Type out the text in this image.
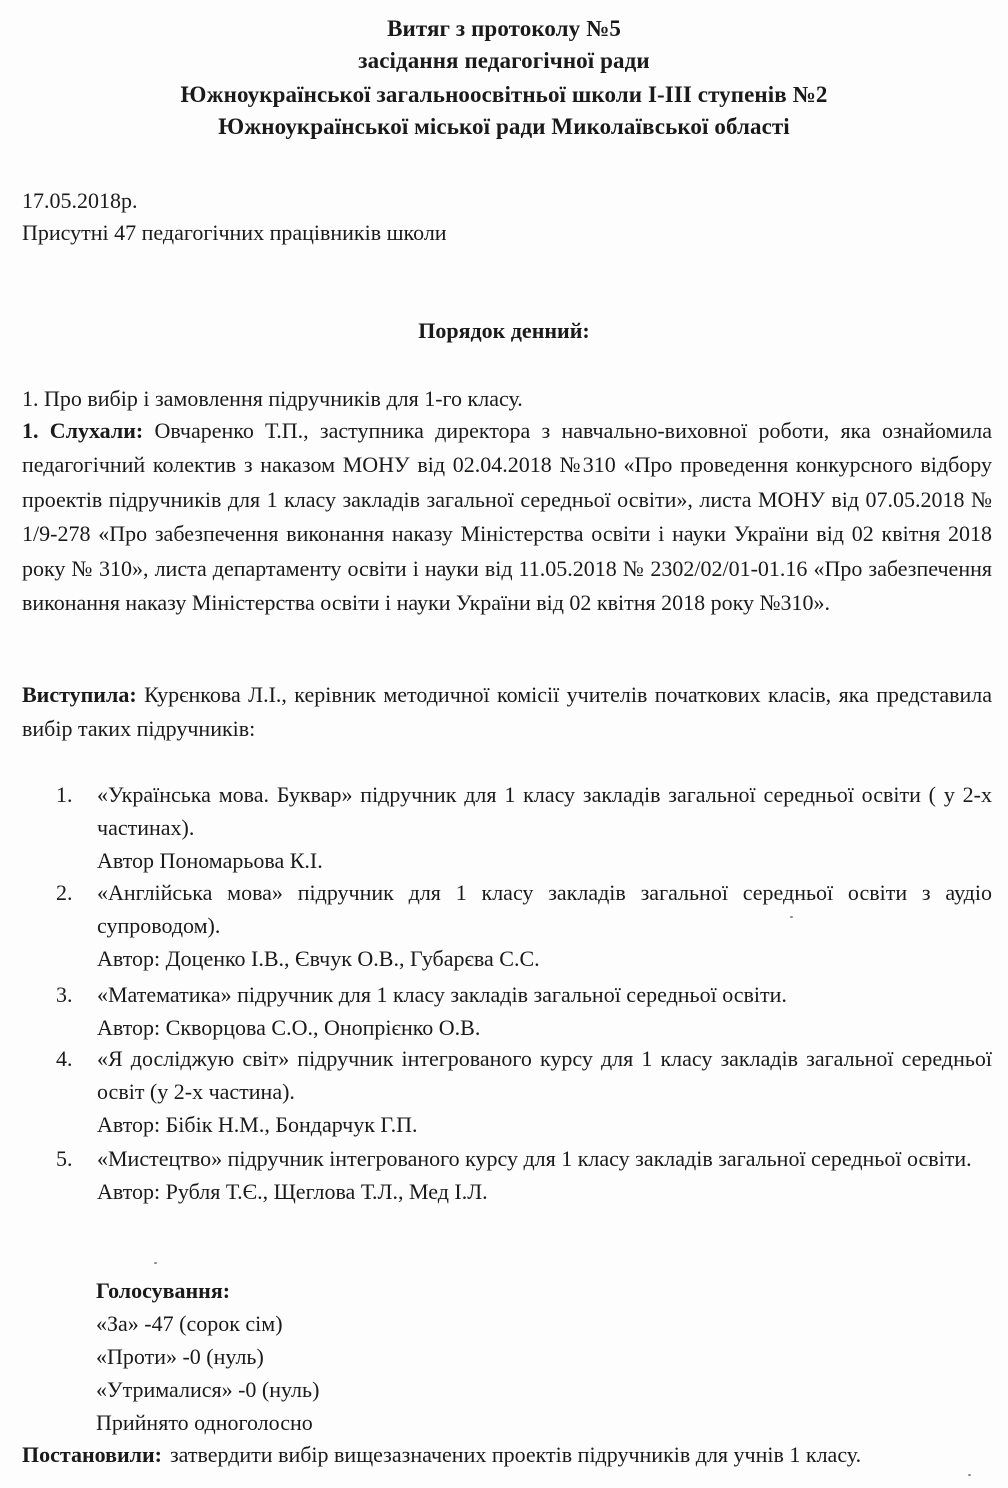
Витяг з протоколу №5
засідання педагогічної ради
Южноукраїнської загальноосвітньої школи І-ІІІ ступенів №2
Южноукраїнської міської ради Миколаївської області
17.05.2018р.
Присутні 47 педагогічних працівників школи
Порядок денний:
1. Про вибір і замовлення підручників для 1-го класу.
1. Слухали: Овчаренко Т.П., заступника директора з навчально-виховної роботи, яка ознайомила педагогічний колектив з наказом МОНУ від 02.04.2018 №310 «Про проведення конкурсного відбору проектів підручників для 1 класу закладів загальної середньої освіти», листа МОНУ від 07.05.2018 № 1/9-278 «Про забезпечення виконання наказу Міністерства освіти і науки України від 02 квітня 2018 року № 310», листа департаменту освіти і науки від 11.05.2018 № 2302/02/01-01.16 «Про забезпечення виконання наказу Міністерства освіти і науки України від 02 квітня 2018 року №310».
Виступила: Курєнкова Л.І., керівник методичної комісії учителів початкових класів, яка представила вибір таких підручників:
1.	«Українська мова. Буквар» підручник для 1 класу закладів загальної середньої освіти ( у 2-х частинах).
Автор Пономарьова К.І.
2.	«Англійська мова» підручник для 1 класу закладів загальної середньої освіти з аудіо супроводом).
Автор: Доценко І.В., Євчук О.В., Губарєва С.С.
3.	«Математика» підручник для 1 класу закладів загальної середньої освіти.
Автор: Скворцова С.О., Онопрієнко О.В.
4.	«Я досліджую світ» підручник інтегрованого курсу для 1 класу закладів загальної середньої освіт (у 2-х частина).
Автор: Бібік Н.М., Бондарчук Г.П.
5.	«Мистецтво» підручник інтегрованого курсу для 1 класу закладів загальної середньої освіти.
Автор: Рубля Т.Є., Щеглова Т.Л., Мед І.Л.
Голосування:
«За» -47 (сорок сім)
«Проти» -0 (нуль)
«Утрималися» -0 (нуль)
Прийнято одноголосно
Постановили: затвердити вибір вищезазначених проектів підручників для учнів 1 класу.
